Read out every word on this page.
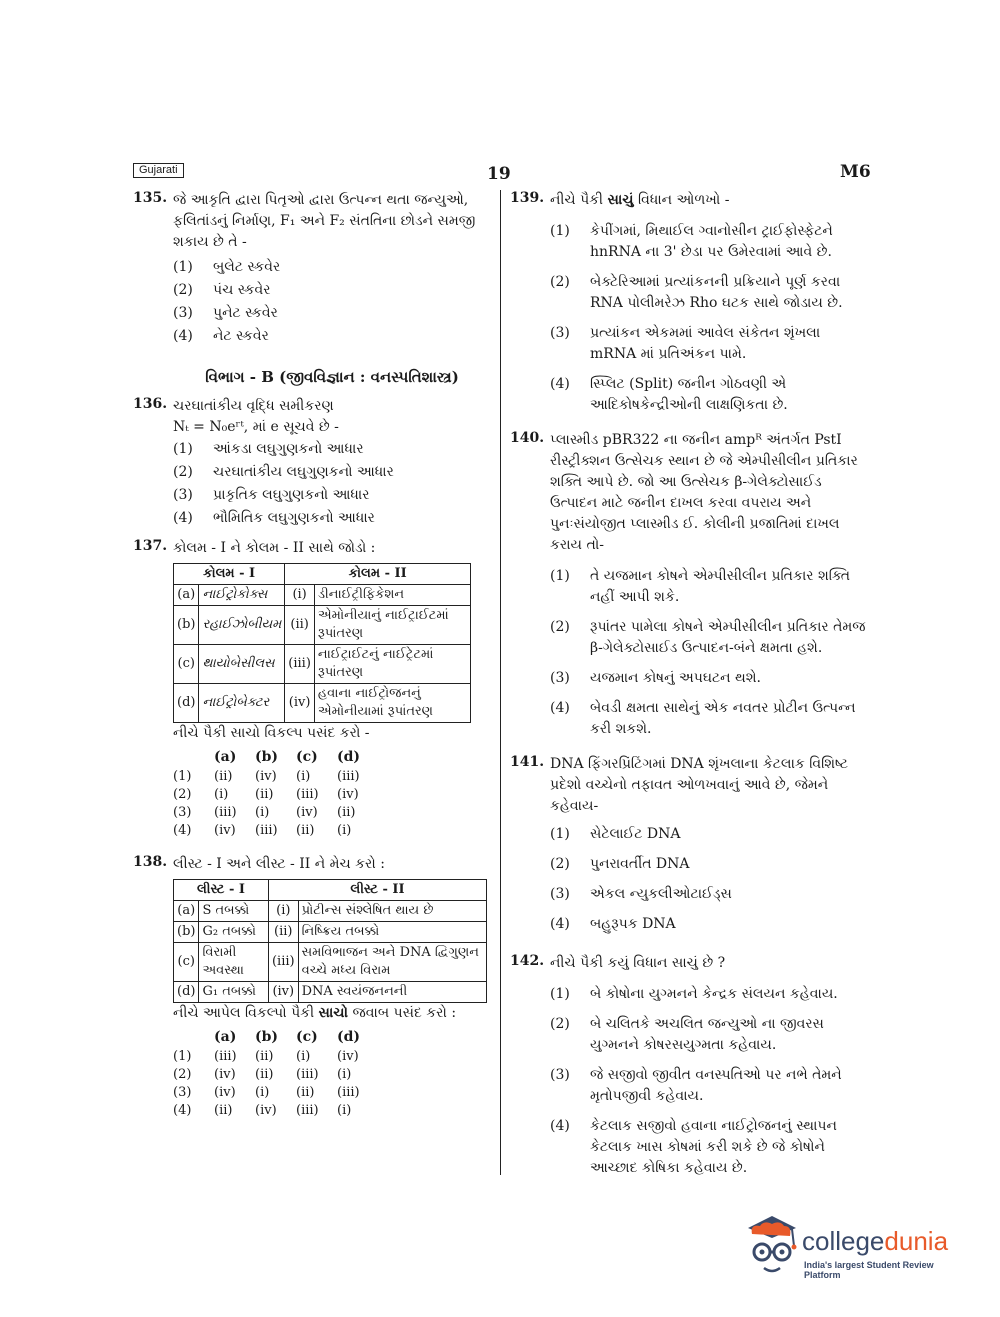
Gujarati	19	M6
135. જે આકૃતિ દ્વારા પિતૃઓ દ્વારા ઉત્પન્ન થતા જન્યુઓ, ફલિતાંડનું નિર્માણ, F₁ અને F₂ સંતતિના છોડને સમજી શકાય છે તે -
(1)	બુલેટ સ્કવેર
(2)	પંચ સ્કવેર
(3)	પુનેટ સ્કવેર
(4)	નેટ સ્કવેર
વિભાગ - B (જીવવિજ્ઞાન : વનસ્પતિશાસ્ત્ર)
136. ચરઘાતાંકીય વૃદ્ધિ સમીકરણ
Nₜ = N₀eʳᵗ, માં e સૂચવે છે -
(1)	આંકડા લઘુગુણકનો આધાર
(2)	ચરઘાતાંકીય લઘુગુણકનો આધાર
(3)	પ્રાકૃતિક લઘુગુણકનો આધાર
(4)	ભૌમિતિક લઘુગુણકનો આધાર
137. કોલમ - I ને કોલમ - II સાથે જોડો :
કોલમ - I		કોલમ - II	
(a)	નાઈટ્રોકોક્સ	(i)	ડીનાઈટ્રીફિકેશન
(b)	રહાઈઝોબીયમ	(ii)	એમોનીયાનું નાઈટ્રાઈટમાં રૂપાંતરણ
(c)	થાયોબેસીલસ	(iii)	નાઈટ્રાઈટનું નાઈટ્રેટમાં રૂપાંતરણ
(d)	નાઈટ્રોબેક્ટર	(iv)	હવાના નાઈટ્રોજનનું એમોનીયામાં રૂપાંતરણ
નીચે પૈકી સાચો વિકલ્પ પસંદ કરો -
	(a)	(b)	(c)	(d)
(1)	(ii)	(iv)	(i)	(iii)
(2)	(i)	(ii)	(iii)	(iv)
(3)	(iii)	(i)	(iv)	(ii)
(4)	(iv)	(iii)	(ii)	(i)
138. લીસ્ટ - I અને લીસ્ટ - II ને મેચ કરો :
લીસ્ટ - I		લીસ્ટ - II	
(a)	S તબક્કો	(i)	પ્રોટીન્સ સંશ્લેષિત થાય છે
(b)	G₂ તબક્કો	(ii)	નિષ્ક્રિય તબક્કો
(c)	વિરામી અવસ્થા	(iii)	સમવિભાજન અને DNA દ્વિગુણન વચ્ચે મધ્ય વિરામ
(d)	G₁ તબક્કો	(iv)	DNA સ્વયંજનનની
નીચે આપેલ વિકલ્પો પૈકી સાચો જવાબ પસંદ કરો :
	(a)	(b)	(c)	(d)
(1)	(iii)	(ii)	(i)	(iv)
(2)	(iv)	(ii)	(iii)	(i)
(3)	(iv)	(i)	(ii)	(iii)
(4)	(ii)	(iv)	(iii)	(i)
139. નીચે પૈકી સાચું વિધાન ઓળખો -
(1)	કેપીંગમાં, મિથાઈલ ગ્વાનોસીન ટ્રાઈફોસ્ફેટને hnRNA ના 3' છેડા પર ઉમેરવામાં આવે છે.
(2)	બેક્ટેરિઆમાં પ્રત્યાંકનની પ્રક્રિયાને પૂર્ણ કરવા RNA પોલીમરેઝ Rho ઘટક સાથે જોડાય છે.
(3)	પ્રત્યાંકન એકમમાં આવેલ સંકેતન શૃંખલા mRNA માં પ્રતિઅંકન પામે.
(4)	સ્પ્લિટ (Split) જનીન ગોઠવણી એ આદિકોષકેન્દ્રીઓની લાક્ષણિકતા છે.
140. પ્લાસ્મીડ pBR322 ના જનીન ampᴿ અંતર્ગત PstI રીસ્ટ્રીક્શન ઉત્સેચક સ્થાન છે જે એમ્પીસીલીન પ્રતિકાર શક્તિ આપે છે. જો આ ઉત્સેચક β-ગેલેક્ટોસાઈડ ઉત્પાદન માટે જનીન દાખલ કરવા વપરાય અને પુનઃસંયોજીત પ્લાસ્મીડ ઈ. કોલીની પ્રજાતિમાં દાખલ કરાય તો-
(1)	તે યજમાન કોષને એમ્પીસીલીન પ્રતિકાર શક્તિ નહીં આપી શકે.
(2)	રૂપાંતર પામેલા કોષને એમ્પીસીલીન પ્રતિકાર તેમજ β-ગેલેક્ટોસાઈડ ઉત્પાદન-બંને ક્ષમતા હશે.
(3)	યજમાન કોષનું અપઘટન થશે.
(4)	બેવડી ક્ષમતા સાથેનું એક નવતર પ્રોટીન ઉત્પન્ન કરી શકશે.
141. DNA ફિંગરપ્રિંટિંગમાં DNA શૃંખલાના કેટલાક વિશિષ્ટ પ્રદેશો વચ્ચેનો તફાવત ઓળખવાનું આવે છે, જેમને કહેવાય-
(1)	સેટેલાઈટ DNA
(2)	પુનરાવર્તીત DNA
(3)	એકલ ન્યુકલીઓટાઈડ્સ
(4)	બહુરૂપક DNA
142. નીચે પૈકી કયું વિધાન સાચું છે ?
(1)	બે કોષોના યુગ્મનને કેન્દ્રક સંલયન કહેવાય.
(2)	બે ચલિતકે અચલિત જન્યુઓ ના જીવરસ યુગ્મનને કોષરસયુગ્મતા કહેવાય.
(3)	જે સજીવો જીવીત વનસ્પતિઓ પર નભે તેમને મૃતોપજીવી કહેવાય.
(4)	કેટલાક સજીવો હવાના નાઈટ્રોજનનું સ્થાપન કેટલાક ખાસ કોષમાં કરી શકે છે જે કોષોને આચ્છાદ કોષિકા કહેવાય છે.
collegedunia
India's largest Student Review Platform
